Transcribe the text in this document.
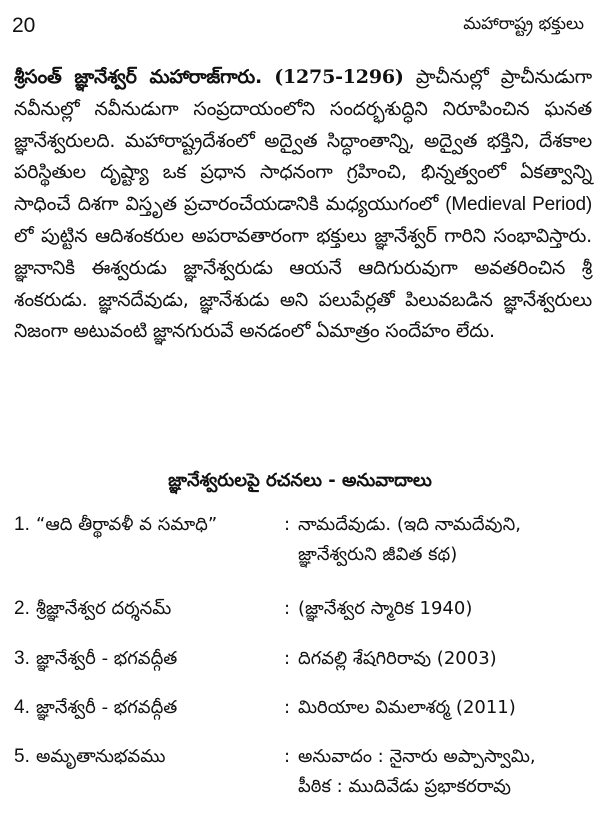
20	మహారాష్ట్ర భక్తులు

శ్రీసంత్ జ్ఞానేశ్వర్ మహారాజ్‌గారు. (1275-1296) ప్రాచీనుల్లో ప్రాచీనుడుగా నవీనుల్లో నవీనుడుగా సంప్రదాయంలోని సందర్భశుద్ధిని నిరూపించిన ఘనత జ్ఞానేశ్వరులది. మహారాష్ట్రదేశంలో అద్వైత సిద్ధాంతాన్ని, అద్వైత భక్తిని, దేశకాల పరిస్థితుల దృష్ట్యా ఒక ప్రధాన సాధనంగా గ్రహించి, భిన్నత్వంలో ఏకత్వాన్ని సాధించే దిశగా విస్తృత ప్రచారంచేయడానికి మధ్యయుగంలో (Medieval Period) లో పుట్టిన ఆదిశంకరుల అపరావతారంగా భక్తులు జ్ఞానేశ్వర్ గారిని సంభావిస్తారు. జ్ఞానానికి ఈశ్వరుడు జ్ఞానేశ్వరుడు ఆయనే ఆదిగురువుగా అవతరించిన శ్రీ శంకరుడు. జ్ఞానదేవుడు, జ్ఞానేశుడు అని పలుపేర్లతో పిలువబడిన జ్ఞానేశ్వరులు నిజంగా అటువంటి జ్ఞానగురువే అనడంలో ఏమాత్రం సందేహం లేదు.

జ్ఞానేశ్వరులపై రచనలు - అనువాదాలు
1. “ఆది తీర్థావళీ వ సమాధి”	: నామదేవుడు. (ఇది నామదేవుని,
జ్ఞానేశ్వరుని జీవిత కథ)
2. శ్రీజ్ఞానేశ్వర దర్శనమ్	: (జ్ఞానేశ్వర స్మారిక 1940)
3. జ్ఞానేశ్వరీ - భగవద్గీత	: దిగవల్లి శేషగిరిరావు (2003)
4. జ్ఞానేశ్వరీ - భగవద్గీత	: మిరియాల విమలాశర్మ (2011)
5. అమృతానుభవము	: అనువాదం : నైనారు అప్పాస్వామి,
పీఠిక : ముదివేడు ప్రభాకరరావు
